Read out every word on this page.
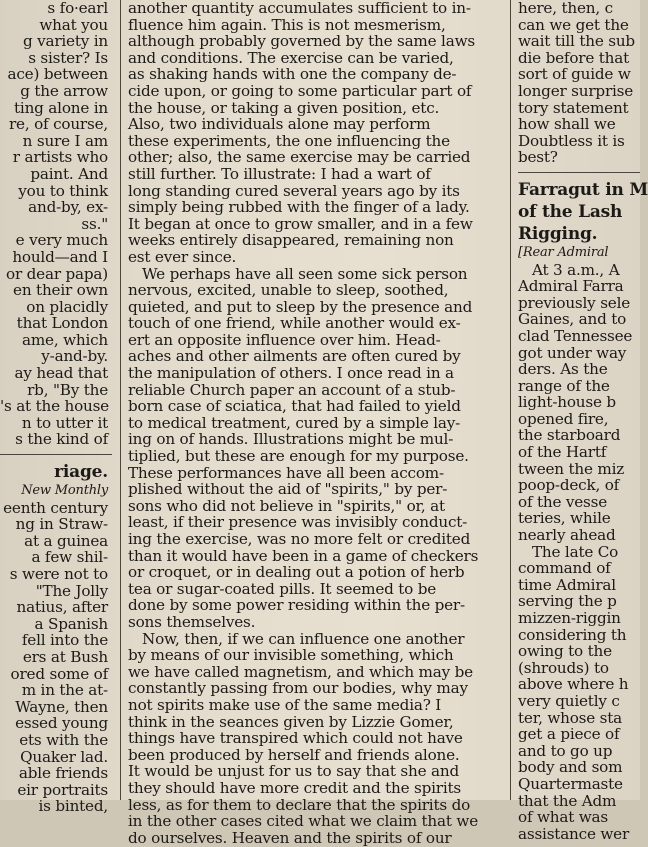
s fo·earl

what you

g variety in

s sister? Is

ace) between

g the arrow

ting alone in

re, of course,

n sure I am

r artists who

paint. And

you to think

and-by, ex-

ss."

e very much

hould—and I

or dear papa)

en their own

on placidly

that London

ame, which

y-and-by.

ay head that

rb, "By the

's at the house

n to utter it

s the kind of

riage.

New Monthly

eenth century

ng in Straw-

at a guinea

a few shil-

s were not to

"The Jolly

natius, after

a Spanish

fell into the

ers at Bush

ored some of

m in the at-

Wayne, then

essed young

ets with the

Quaker lad.

able friends

eir portraits

is binted,

another quantity accumulates sufficient to in-

fluence him again. This is not mesmerism,

although probably governed by the same laws

and conditions. The exercise can be varied,

as shaking hands with one the company de-

cide upon, or going to some particular part of

the house, or taking a given position, etc.

Also, two individuals alone may perform

these experiments, the one influencing the

other; also, the same exercise may be carried

still further. To illustrate: I had a wart of

long standing cured several years ago by its

simply being rubbed with the finger of a lady.

It began at once to grow smaller, and in a few

weeks entirely disappeared, remaining non

est ever since.

We perhaps have all seen some sick person

nervous, excited, unable to sleep, soothed,

quieted, and put to sleep by the presence and

touch of one friend, while another would ex-

ert an opposite influence over him. Head-

aches and other ailments are often cured by

the manipulation of others. I once read in a

reliable Church paper an account of a stub-

born case of sciatica, that had failed to yield

to medical treatment, cured by a simple lay-

ing on of hands. Illustrations might be mul-

tiplied, but these are enough for my purpose.

These performances have all been accom-

plished without the aid of "spirits," by per-

sons who did not believe in "spirits," or, at

least, if their presence was invisibly conduct-

ing the exercise, was no more felt or credited

than it would have been in a game of checkers

or croquet, or in dealing out a potion of herb

tea or sugar-coated pills. It seemed to be

done by some power residing within the per-

sons themselves.

Now, then, if we can influence one another

by means of our invisible something, which

we have called magnetism, and which may be

constantly passing from our bodies, why may

not spirits make use of the same media? I

think in the seances given by Lizzie Gomer,

things have transpired which could not have

been produced by herself and friends alone.

It would be unjust for us to say that she and

they should have more credit and the spirits

less, as for them to declare that the spirits do

in the other cases cited what we claim that we

do ourselves. Heaven and the spirits of our

here, then, c

can we get the

wait till the sub

die before that

sort of guide w

longer surprise

tory statement

how shall we

Doubtless it is

best?

Farragut in M

of the Lash

Rigging.

[Rear Admiral

At 3 a.m., A

Admiral Farra

previously sele

Gaines, and to

clad Tennessee

got under way

ders. As the

range of the

light-house b

opened fire,

the starboard

of the Hartf

tween the miz

poop-deck, of

of the vesse

teries, while

nearly ahead

The late Co

command of

time Admiral

serving the p

mizzen-riggin

considering th

owing to the

(shrouds) to

above where h

very quietly c

ter, whose sta

get a piece of

and to go up

body and som

Quartermaste

that the Adm

of what was

assistance wer
